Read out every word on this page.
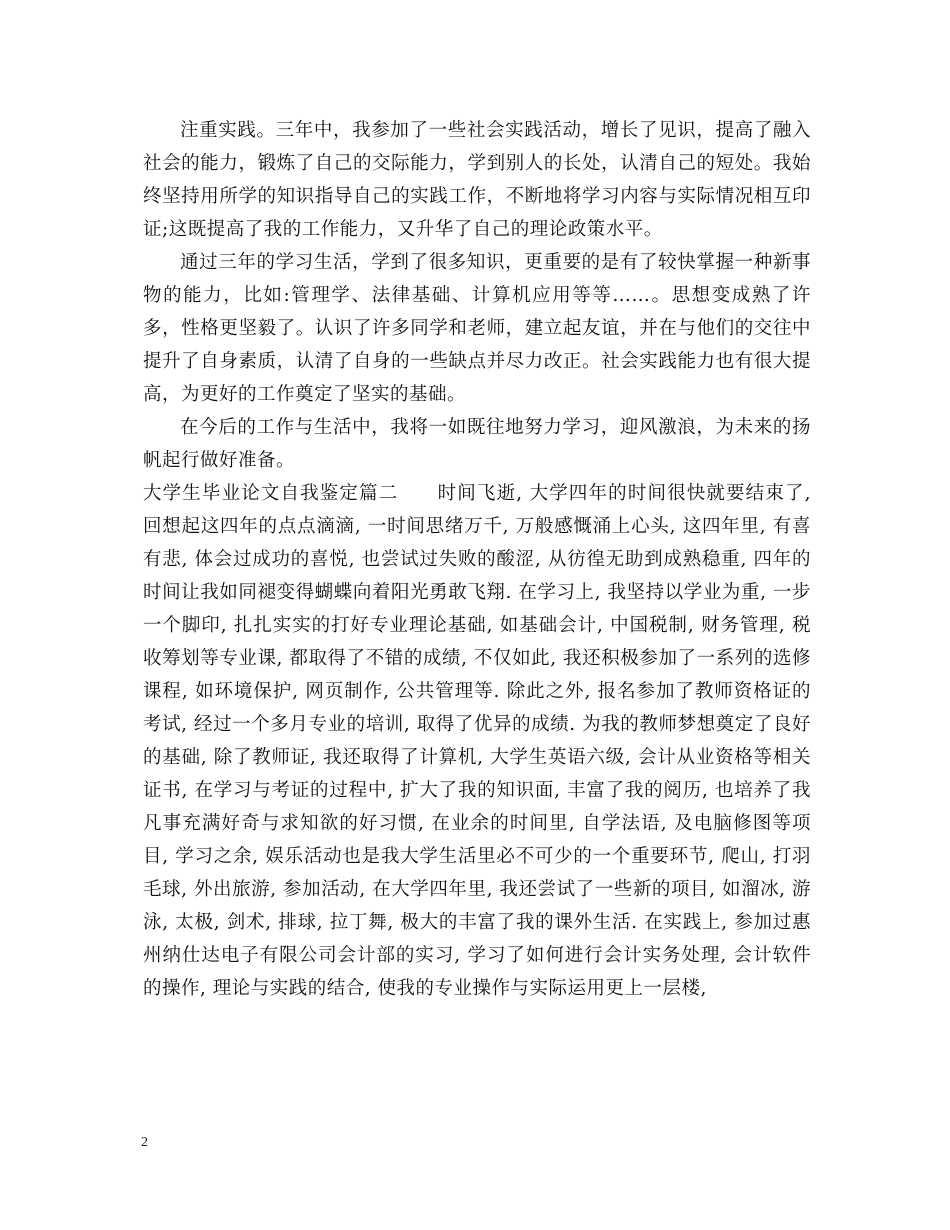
注重实践。三年中，我参加了一些社会实践活动，增长了见识，提高了融入社会的能力，锻炼了自己的交际能力，学到别人的长处，认清自己的短处。我始终坚持用所学的知识指导自己的实践工作，不断地将学习内容与实际情况相互印证;这既提高了我的工作能力，又升华了自己的理论政策水平。

通过三年的学习生活，学到了很多知识，更重要的是有了较快掌握一种新事物的能力，比如:管理学、法律基础、计算机应用等等……。思想变成熟了许多，性格更坚毅了。认识了许多同学和老师，建立起友谊，并在与他们的交往中提升了自身素质，认清了自身的一些缺点并尽力改正。社会实践能力也有很大提高，为更好的工作奠定了坚实的基础。

在今后的工作与生活中，我将一如既往地努力学习，迎风激浪，为未来的扬帆起行做好准备。

大学生毕业论文自我鉴定篇二　　时间飞逝, 大学四年的时间很快就要结束了, 回想起这四年的点点滴滴, 一时间思绪万千, 万般感慨涌上心头, 这四年里, 有喜有悲, 体会过成功的喜悦, 也尝试过失败的酸涩, 从彷徨无助到成熟稳重, 四年的时间让我如同褪变得蝴蝶向着阳光勇敢飞翔. 在学习上, 我坚持以学业为重, 一步一个脚印, 扎扎实实的打好专业理论基础, 如基础会计, 中国税制, 财务管理, 税收筹划等专业课, 都取得了不错的成绩, 不仅如此, 我还积极参加了一系列的选修课程, 如环境保护, 网页制作, 公共管理等. 除此之外, 报名参加了教师资格证的考试, 经过一个多月专业的培训, 取得了优异的成绩. 为我的教师梦想奠定了良好的基础, 除了教师证, 我还取得了计算机, 大学生英语六级, 会计从业资格等相关证书, 在学习与考证的过程中, 扩大了我的知识面, 丰富了我的阅历, 也培养了我凡事充满好奇与求知欲的好习惯, 在业余的时间里, 自学法语, 及电脑修图等项目, 学习之余, 娱乐活动也是我大学生活里必不可少的一个重要环节, 爬山, 打羽毛球, 外出旅游, 参加活动, 在大学四年里, 我还尝试了一些新的项目, 如溜冰, 游泳, 太极, 剑术, 排球, 拉丁舞, 极大的丰富了我的课外生活. 在实践上, 参加过惠州纳仕达电子有限公司会计部的实习, 学习了如何进行会计实务处理, 会计软件的操作, 理论与实践的结合, 使我的专业操作与实际运用更上一层楼,

2
